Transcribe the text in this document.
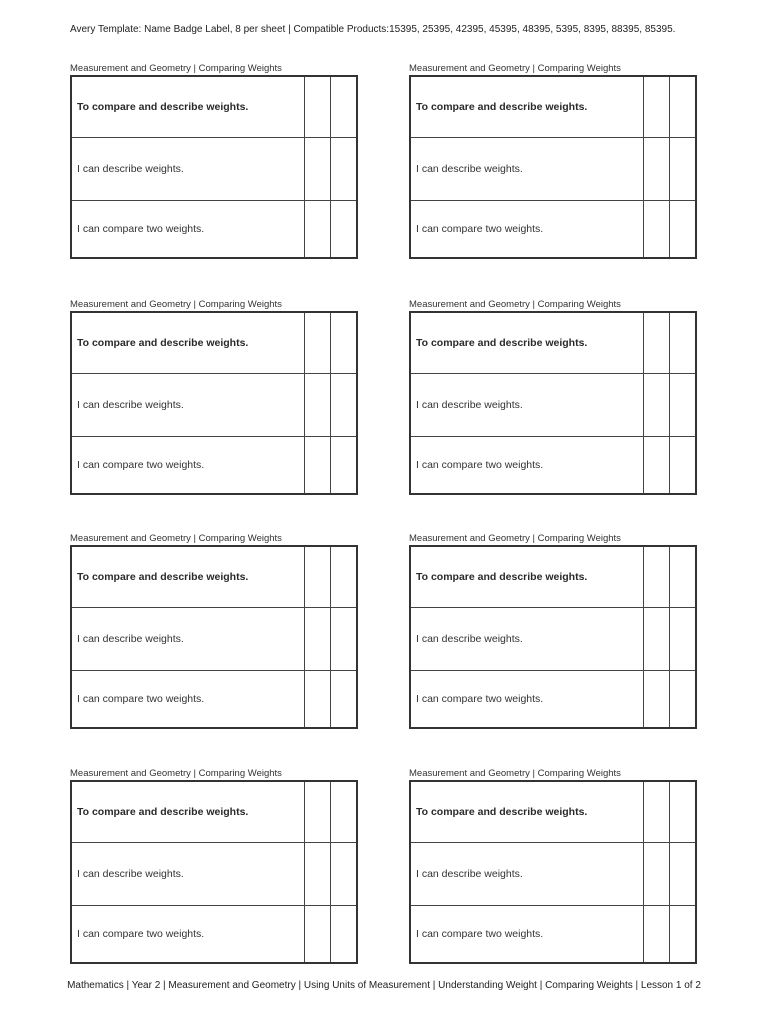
Avery Template: Name Badge Label, 8 per sheet | Compatible Products:15395, 25395, 42395, 45395, 48395, 5395, 8395, 88395, 85395.
Measurement and Geometry | Comparing Weights
To compare and describe weights.		
I can describe weights.		
I can compare two weights.		
Measurement and Geometry | Comparing Weights
To compare and describe weights.		
I can describe weights.		
I can compare two weights.		
Measurement and Geometry | Comparing Weights
To compare and describe weights.		
I can describe weights.		
I can compare two weights.		
Measurement and Geometry | Comparing Weights
To compare and describe weights.		
I can describe weights.		
I can compare two weights.		
Measurement and Geometry | Comparing Weights
To compare and describe weights.		
I can describe weights.		
I can compare two weights.		
Measurement and Geometry | Comparing Weights
To compare and describe weights.		
I can describe weights.		
I can compare two weights.		
Measurement and Geometry | Comparing Weights
To compare and describe weights.		
I can describe weights.		
I can compare two weights.		
Measurement and Geometry | Comparing Weights
To compare and describe weights.		
I can describe weights.		
I can compare two weights.		
Mathematics | Year 2 | Measurement and Geometry | Using Units of Measurement | Understanding Weight | Comparing Weights | Lesson 1 of 2
